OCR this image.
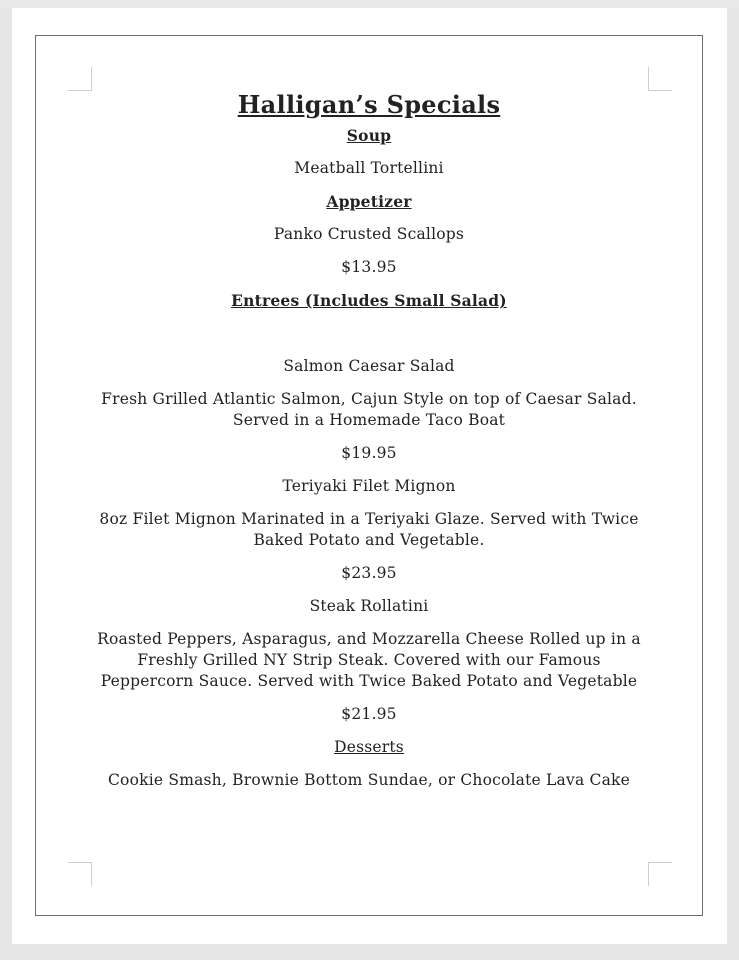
Halligan’s Specials
Soup
Meatball Tortellini
Appetizer
Panko Crusted Scallops
$13.95
Entrees (Includes Small Salad)
Salmon Caesar Salad
Fresh Grilled Atlantic Salmon, Cajun Style on top of Caesar Salad. Served in a Homemade Taco Boat
$19.95
Teriyaki Filet Mignon
8oz Filet Mignon Marinated in a Teriyaki Glaze. Served with Twice Baked Potato and Vegetable.
$23.95
Steak Rollatini
Roasted Peppers, Asparagus, and Mozzarella Cheese Rolled up in a Freshly Grilled NY Strip Steak. Covered with our Famous Peppercorn Sauce. Served with Twice Baked Potato and Vegetable
$21.95
Desserts
Cookie Smash, Brownie Bottom Sundae, or Chocolate Lava Cake
